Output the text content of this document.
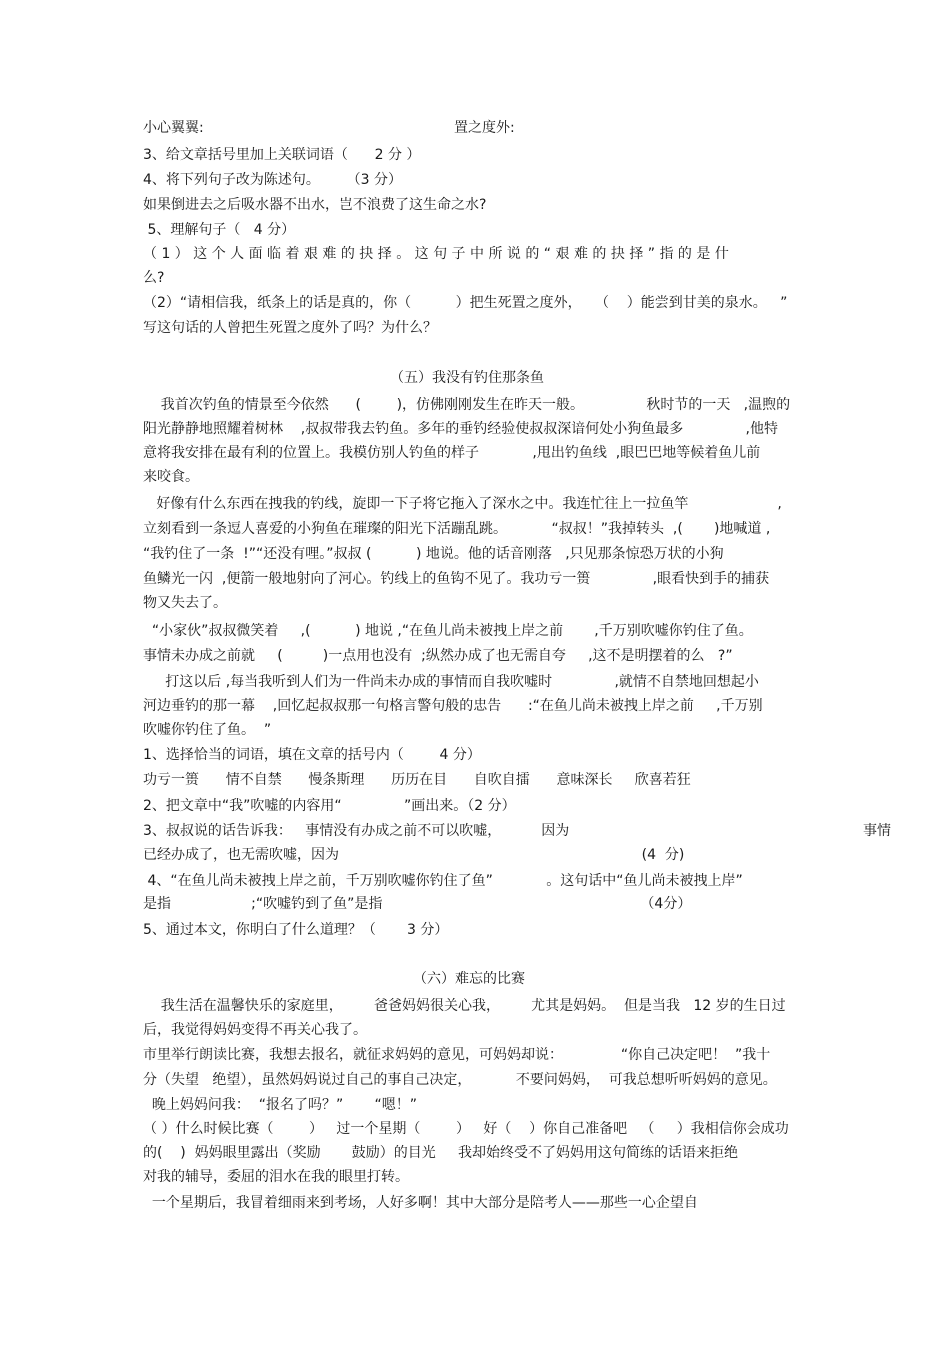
小心翼翼:	置之度外:
3、给文章括号里加上关联词语（      2 分 ）
4、将下列句子改为陈述句。      （3 分）
如果倒进去之后吸水器不出水，岂不浪费了这生命之水?
5、理解句子（   4 分）
（ 1 ） 这 个 人 面 临 着 艰 难 的 抉 择 。 这 句 子 中 所 说 的 “ 艰 难 的 抉 择 ” 指 的 是 什
么?
（2）“请相信我，纸条上的话是真的，你（          ）把生死置之度外，   （    ）能尝到甘美的泉水。   ”
写这句话的人曾把生死置之度外了吗？为什么？
（五）我没有钓住那条鱼
我首次钓鱼的情景至今依然      (        )，仿佛刚刚发生在昨天一般。              秋时节的一天   ,温煦的
阳光静静地照耀着树林    ,叔叔带我去钓鱼。多年的垂钓经验使叔叔深谙何处小狗鱼最多              ,他特
意将我安排在最有利的位置上。我模仿别人钓鱼的样子            ,甩出钓鱼线  ,眼巴巴地等候着鱼儿前
来咬食。
好像有什么东西在拽我的钓线，旋即一下子将它拖入了深水之中。我连忙往上一拉鱼竿                    ,
立刻看到一条逗人喜爱的小狗鱼在璀璨的阳光下活蹦乱跳。          “叔叔！”我掉转头  ,(       )地喊道 ,
“我钓住了一条  !”“还没有哩。”叔叔 (          ) 地说。他的话音刚落   ,只见那条惊恐万状的小狗
鱼鳞光一闪  ,便箭一般地射向了河心。钓线上的鱼钩不见了。我功亏一篑              ,眼看快到手的捕获
物又失去了。
“小家伙”叔叔微笑着     ,(          ) 地说 ,“在鱼儿尚未被拽上岸之前       ,千万别吹嘘你钓住了鱼。
事情未办成之前就     (         )一点用也没有  ;纵然办成了也无需自夸     ,这不是明摆着的么   ?”
打这以后 ,每当我听到人们为一件尚未办成的事情而自我吹嘘时              ,就情不自禁地回想起小
河边垂钓的那一幕    ,回忆起叔叔那一句格言警句般的忠告      :“在鱼儿尚未被拽上岸之前     ,千万别
吹嘘你钓住了鱼。  ”
1、选择恰当的词语，填在文章的括号内（        4 分）
功亏一篑      情不自禁      慢条斯理      历历在目      自吹自擂      意味深长     欣喜若狂
2、把文章中“我”吹嘘的内容用“              ”画出来。（2 分）
3、叔叔说的话告诉我：   事情没有办成之前不可以吹嘘，         因为                                                                  事情
已经办成了，也无需吹嘘，因为                                                                    (4  分)
4、“在鱼儿尚未被拽上岸之前，千万别吹嘘你钓住了鱼”            。这句话中“鱼儿尚未被拽上岸”
是指                  ;“吹嘘钓到了鱼”是指                                                          （4分）
5、通过本文，你明白了什么道理？（       3 分）
（六）难忘的比赛
我生活在温馨快乐的家庭里，       爸爸妈妈很关心我，       尤其是妈妈。  但是当我   12 岁的生日过
后，我觉得妈妈变得不再关心我了。
市里举行朗读比赛，我想去报名，就征求妈妈的意见，可妈妈却说：             “你自己决定吧！  ”我十
分（失望   绝望），虽然妈妈说过自己的事自己决定，          不要问妈妈，  可我总想听听妈妈的意见。
晚上妈妈问我：  “报名了吗？”       “嗯！”
（ ）什么时候比赛（        ）   过一个星期（        ）   好（    ）你自己准备吧   （     ）我相信你会成功
的(    )  妈妈眼里露出（奖励       鼓励）的目光     我却始终受不了妈妈用这句简练的话语来拒绝
对我的辅导，委屈的泪水在我的眼里打转。
一个星期后，我冒着细雨来到考场，人好多啊！其中大部分是陪考人——那些一心企望自
